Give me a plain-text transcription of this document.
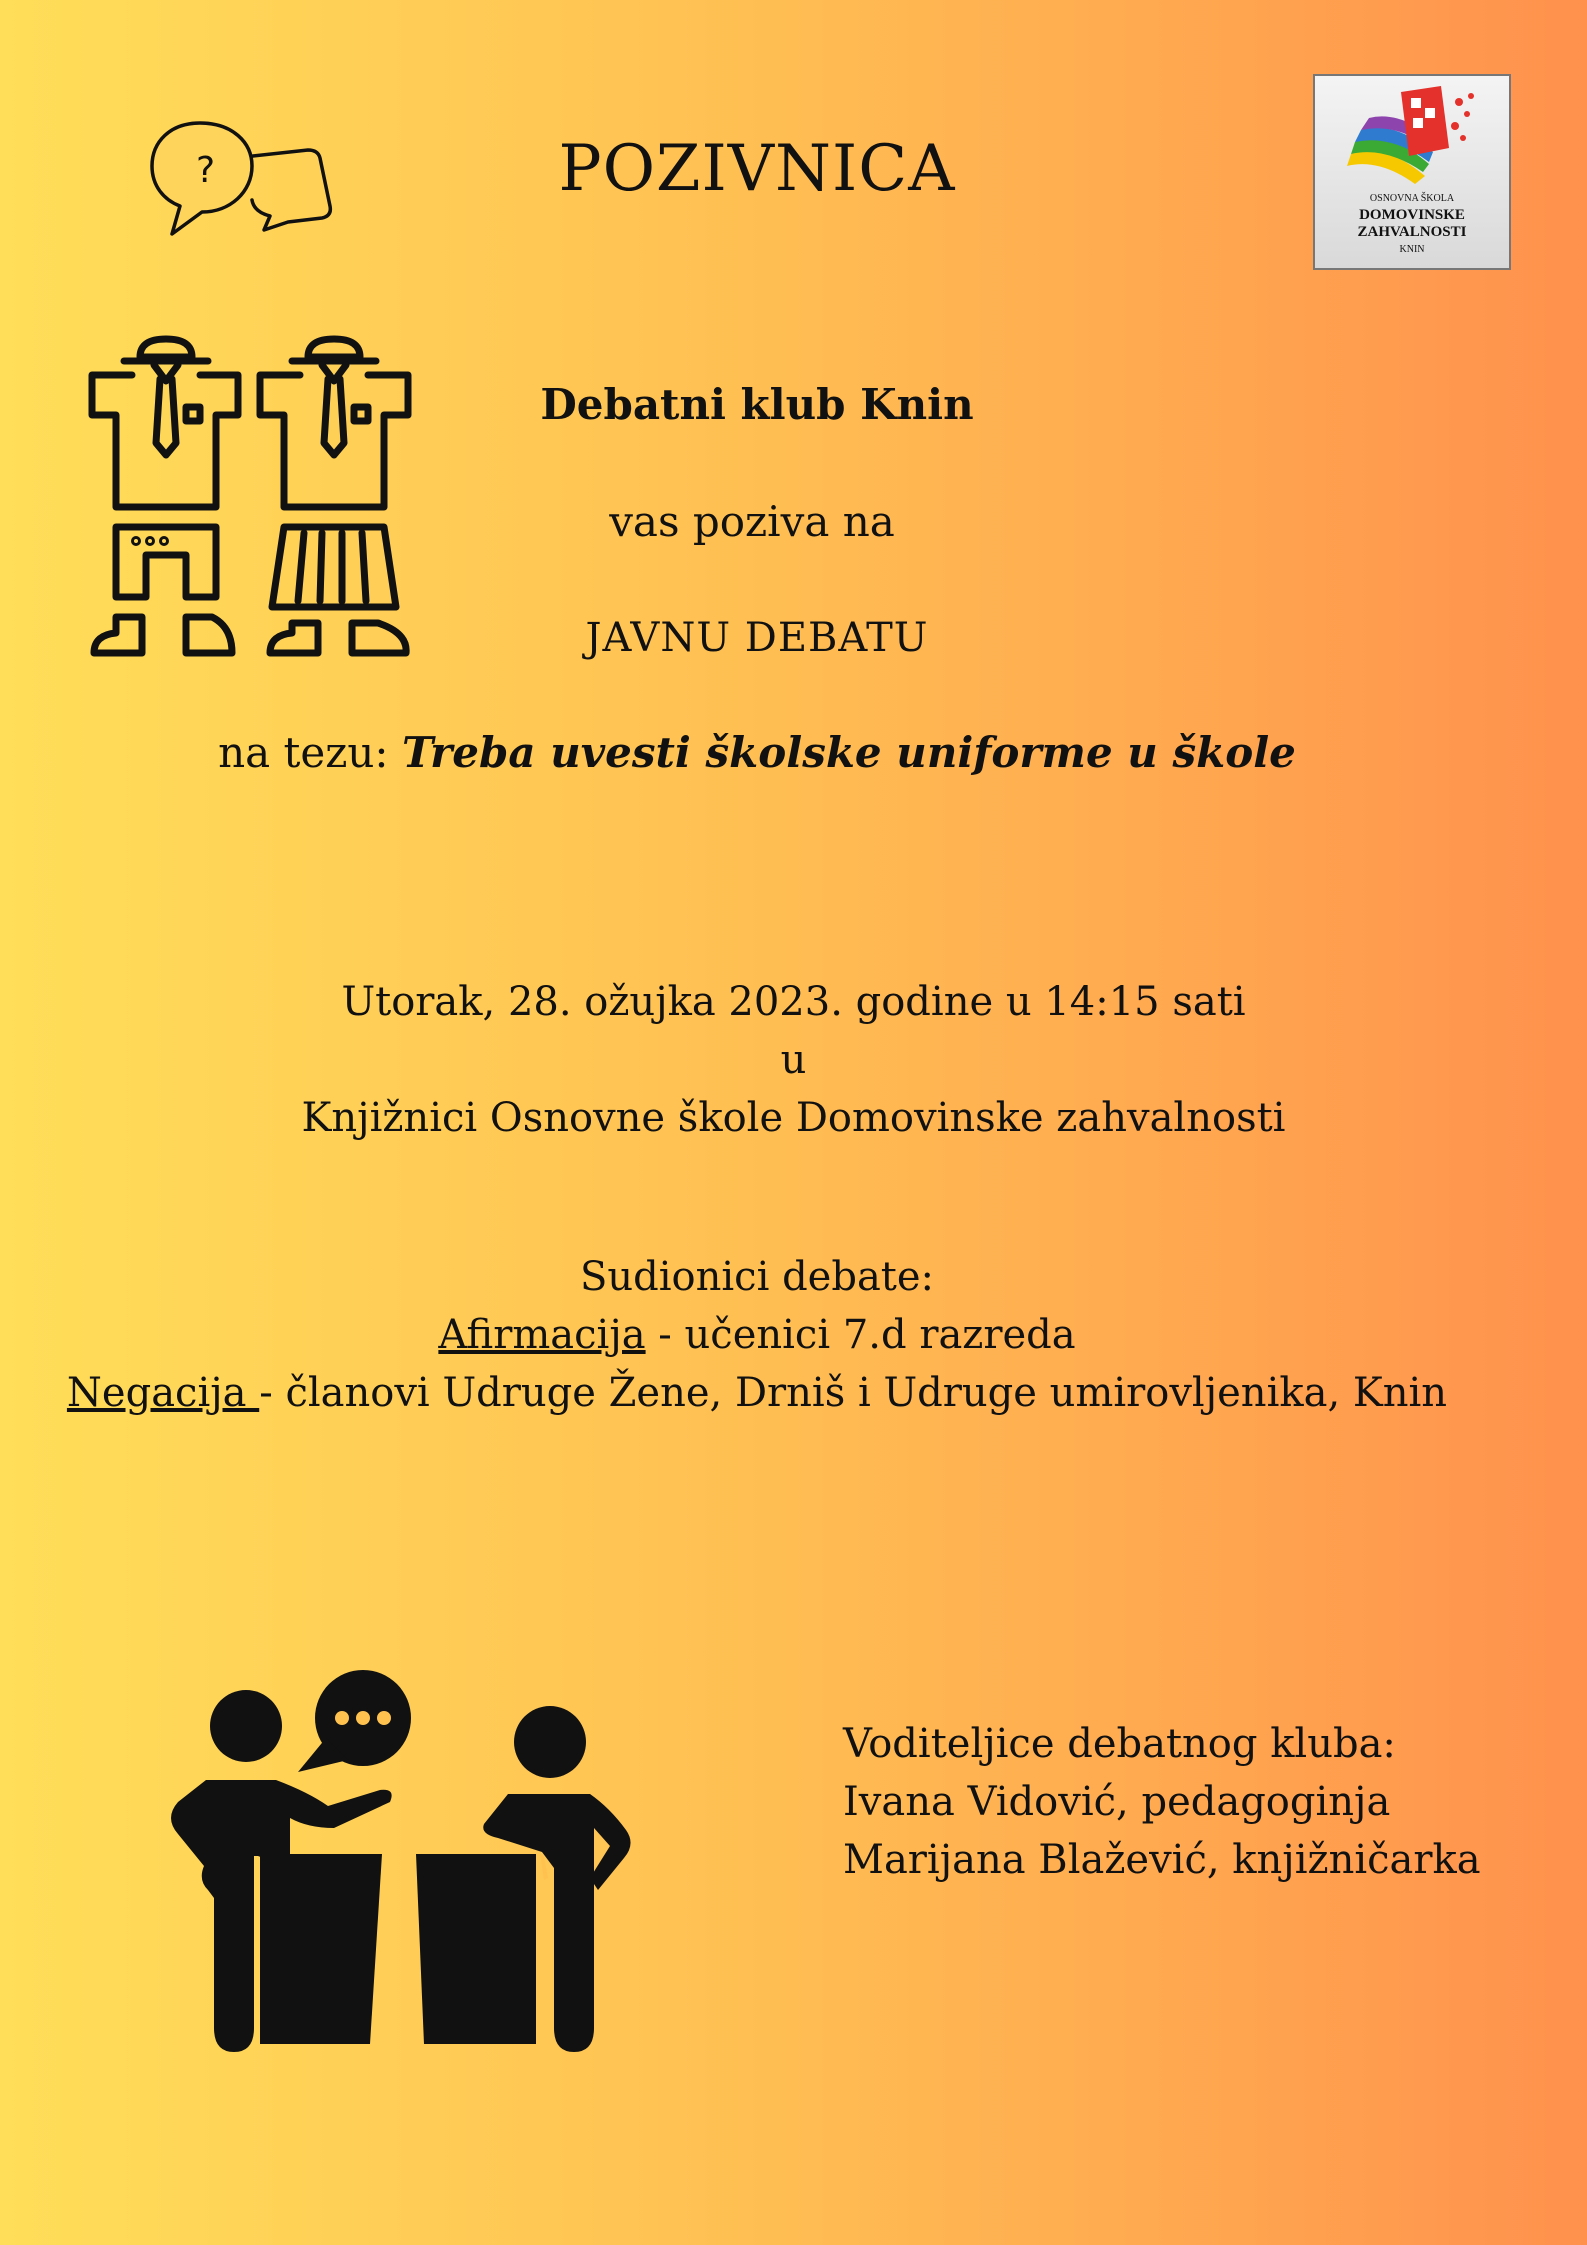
?	POZIVNICA	OSNOVNA ŠKOLA
DOMOVINSKE
ZAHVALNOSTI
KNIN
Debatni klub Knin
vas poziva na
JAVNU DEBATU
na tezu: Treba uvesti školske uniforme u škole
Utorak, 28. ožujka 2023. godine u 14:15 sati
u
Knjižnici Osnovne škole Domovinske zahvalnosti
Sudionici debate:
Afirmacija - učenici 7.d razreda
Negacija - članovi Udruge Žene, Drniš i Udruge umirovljenika, Knin
Voditeljice debatnog kluba:
Ivana Vidović, pedagoginja
Marijana Blažević, knjižničarka
